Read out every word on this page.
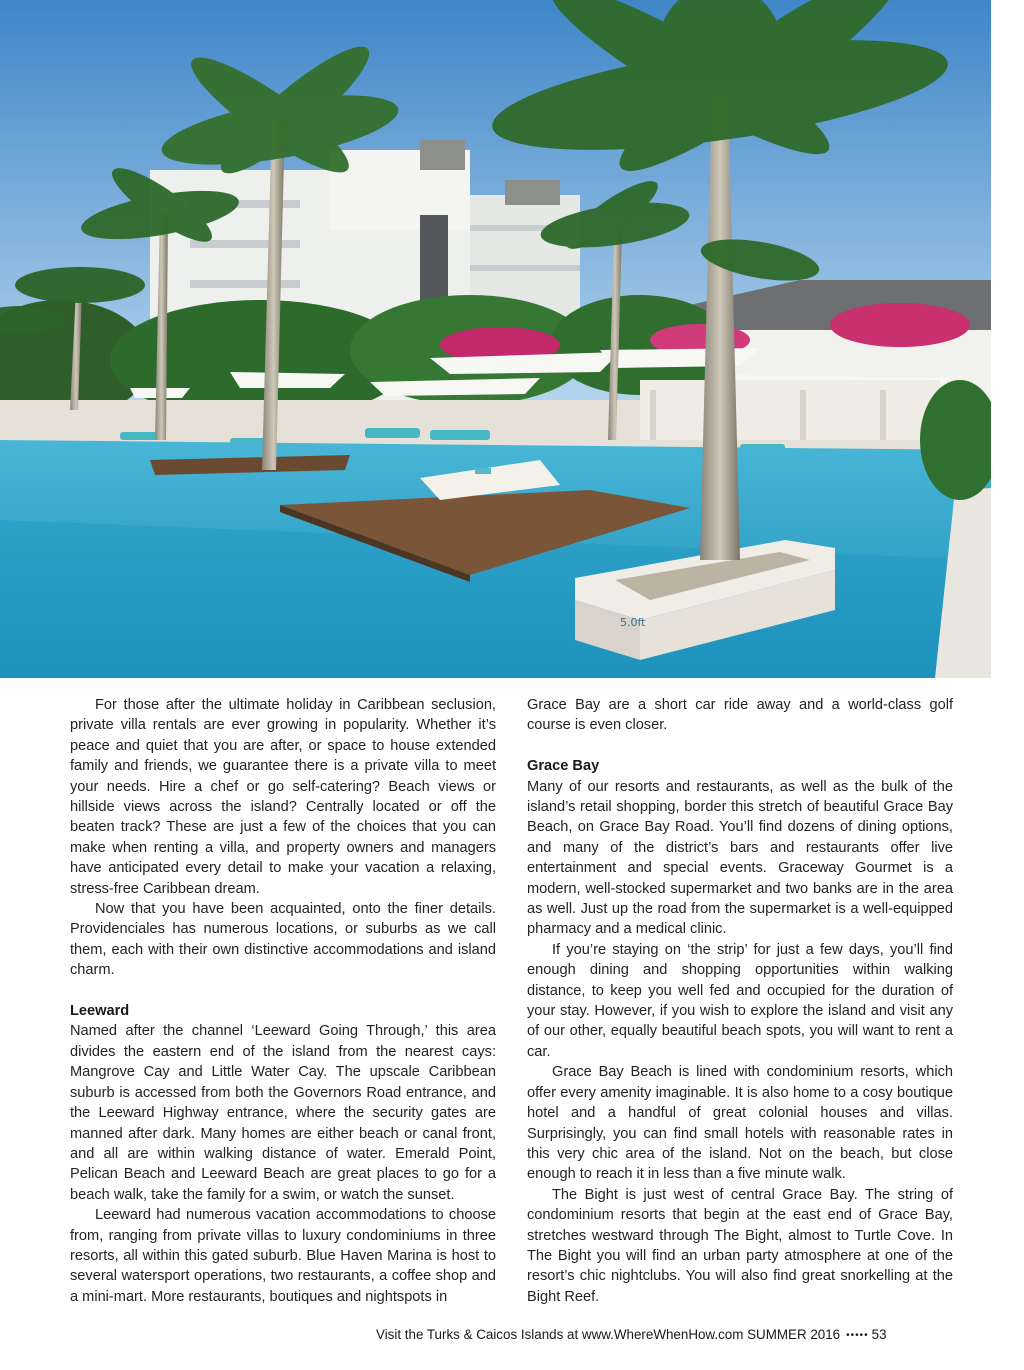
5.0ft

For those after the ultimate holiday in Caribbean seclusion, private villa rentals are ever growing in popularity. Whether it’s peace and quiet that you are after, or space to house extended family and friends, we guarantee there is a private villa to meet your needs. Hire a chef or go self-catering? Beach views or hillside views across the island? Centrally located or off the beaten track? These are just a few of the choices that you can make when renting a villa, and property owners and managers have anticipated every detail to make your vacation a relaxing, stress-free Caribbean dream.

Now that you have been acquainted, onto the finer details. Providenciales has numerous locations, or suburbs as we call them, each with their own distinctive accommodations and island charm.

Leeward

Named after the channel ‘Leeward Going Through,’ this area divides the eastern end of the island from the nearest cays: Mangrove Cay and Little Water Cay. The upscale Caribbean suburb is accessed from both the Governors Road entrance, and the Leeward Highway entrance, where the security gates are manned after dark. Many homes are either beach or canal front, and all are within walking distance of water. Emerald Point, Pelican Beach and Leeward Beach are great places to go for a beach walk, take the family for a swim, or watch the sunset.

Leeward had numerous vacation accommodations to choose from, ranging from private villas to luxury condominiums in three resorts, all within this gated suburb. Blue Haven Marina is host to several watersport operations, two restaurants, a coffee shop and a mini-mart. More restaurants, boutiques and nightspots in

Grace Bay are a short car ride away and a world-class golf course is even closer.

Grace Bay

Many of our resorts and restaurants, as well as the bulk of the island’s retail shopping, border this stretch of beautiful Grace Bay Beach, on Grace Bay Road. You’ll find dozens of dining options, and many of the district’s bars and restaurants offer live entertainment and special events. Graceway Gourmet is a modern, well-stocked supermarket and two banks are in the area as well. Just up the road from the supermarket is a well-equipped pharmacy and a medical clinic.

If you’re staying on ‘the strip’ for just a few days, you’ll find enough dining and shopping opportunities within walking distance, to keep you well fed and occupied for the duration of your stay. However, if you wish to explore the island and visit any of our other, equally beautiful beach spots, you will want to rent a car.

Grace Bay Beach is lined with condominium resorts, which offer every amenity imaginable. It is also home to a cosy boutique hotel and a handful of great colonial houses and villas. Surprisingly, you can find small hotels with reasonable rates in this very chic area of the island. Not on the beach, but close enough to reach it in less than a five minute walk.

The Bight is just west of central Grace Bay. The string of condominium resorts that begin at the east end of Grace Bay, stretches westward through The Bight, almost to Turtle Cove. In The Bight you will find an urban party atmosphere at one of the resort’s chic nightclubs. You will also find great snorkelling at the Bight Reef.

Visit the Turks & Caicos Islands at www.WhereWhenHow.com SUMMER 2016 ••••• 53
